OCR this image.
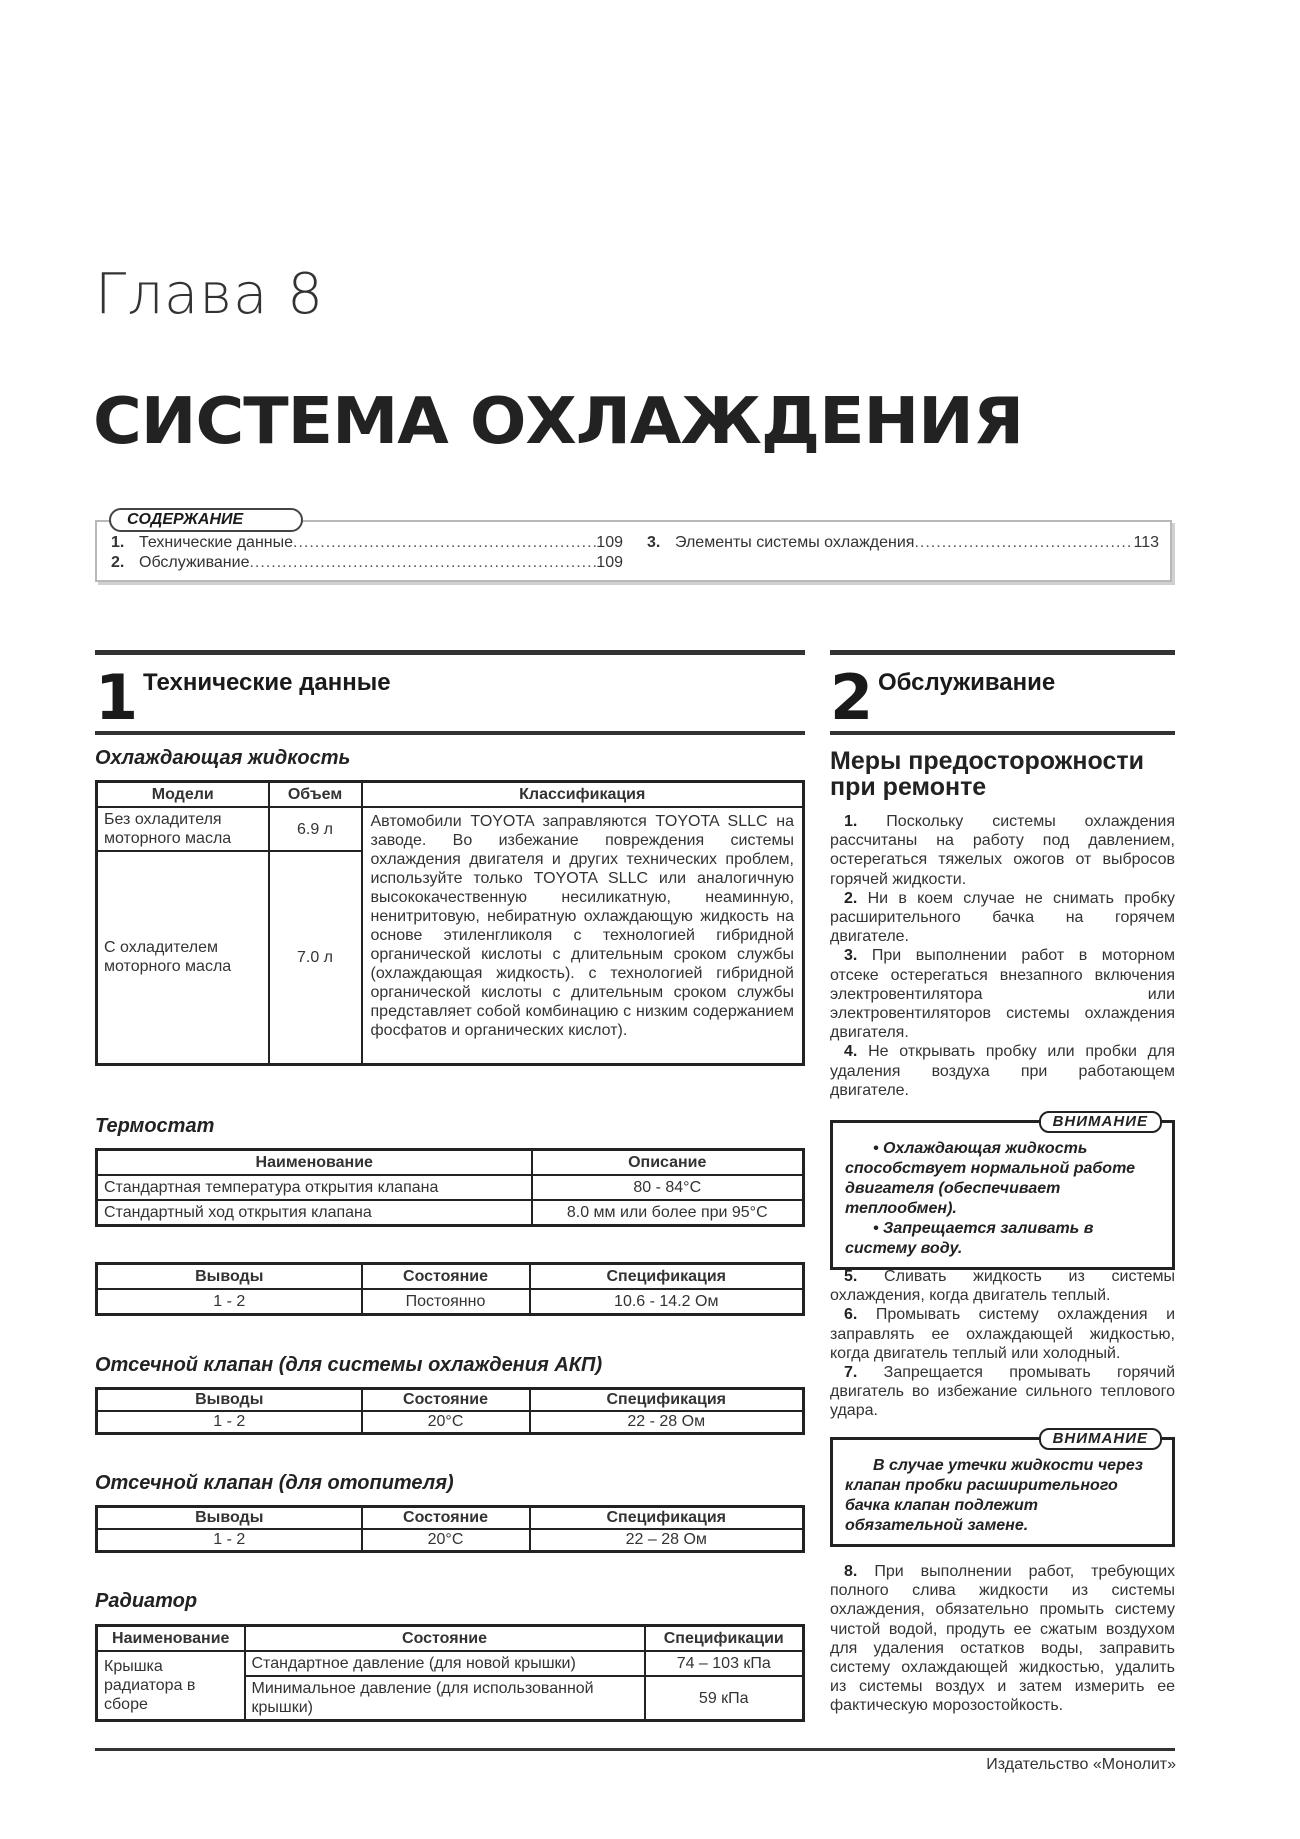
Глава 8
СИСТЕМА ОХЛАЖДЕНИЯ
СОДЕРЖАНИЕ
1. Технические данные .....	109
2. Обслуживание .....	109
3. Элементы системы охлаждения .....	113
1 Технические данные	2 Обслуживание
Охлаждающая жидкость
Модели	Объем	Классификация
Без охладителя моторного масла	6.9 л	Автомобили TOYOTA заправляются TOYOTA SLLC на заводе. Во избежание повреждения системы охлаждения двигателя и других технических проблем, используйте только TOYOTA SLLC или аналогичную высококачественную несиликатную, неаминную, ненитритовую, небиратную охлаждающую жидкость на основе этиленгликоля с технологией гибридной органической кислоты с длительным сроком службы (охлаждающая жидкость). с технологией гибридной органической кислоты с длительным сроком службы представляет собой комбинацию с низким содержанием фосфатов и органических кислот).
С охладителем моторного масла	7.0 л	
Термостат
Наименование	Описание
Стандартная температура открытия клапана	80 - 84°С
Стандартный ход открытия клапана	8.0 мм или более при 95°С
Выводы	Состояние	Спецификация
1 - 2	Постоянно	10.6 - 14.2 Ом
Отсечной клапан (для системы охлаждения АКП)
Выводы	Состояние	Спецификация
1 - 2	20°С	22 - 28 Ом
Отсечной клапан (для отопителя)
Выводы	Состояние	Спецификация
1 - 2	20°С	22 – 28 Ом
Радиатор
Наименование	Состояние	Спецификации
Крышка радиатора в сборе	Стандартное давление (для новой крышки)	74 – 103 кПа
	Минимальное давление (для использованной крышки)	59 кПа
Меры предосторожности при ремонте

1. Поскольку системы охлаждения рассчитаны на работу под давлением, остерегаться тяжелых ожогов от выбросов горячей жидкости.

2. Ни в коем случае не снимать пробку расширительного бачка на горячем двигателе.

3. При выполнении работ в моторном отсеке остерегаться внезапного включения электровентилятора или электровентиляторов системы охлаждения двигателя.

4. Не открывать пробку или пробки для удаления воздуха при работающем двигателе.

ВНИМАНИЕ

• Охлаждающая жидкость способствует нормальной работе двигателя (обеспечивает теплообмен).

• Запрещается заливать в систему воду.

5. Сливать жидкость из системы охлаждения, когда двигатель теплый.

6. Промывать систему охлаждения и заправлять ее охлаждающей жидкостью, когда двигатель теплый или холодный.

7. Запрещается промывать горячий двигатель во избежание сильного теплового удара.

ВНИМАНИЕ

В случае утечки жидкости через клапан пробки расширительного бачка клапан подлежит обязательной замене.

8. При выполнении работ, требующих полного слива жидкости из системы охлаждения, обязательно промыть систему чистой водой, продуть ее сжатым воздухом для удаления остатков воды, заправить систему охлаждающей жидкостью, удалить из системы воздух и затем измерить ее фактическую морозостойкость.

Издательство «Монолит»
